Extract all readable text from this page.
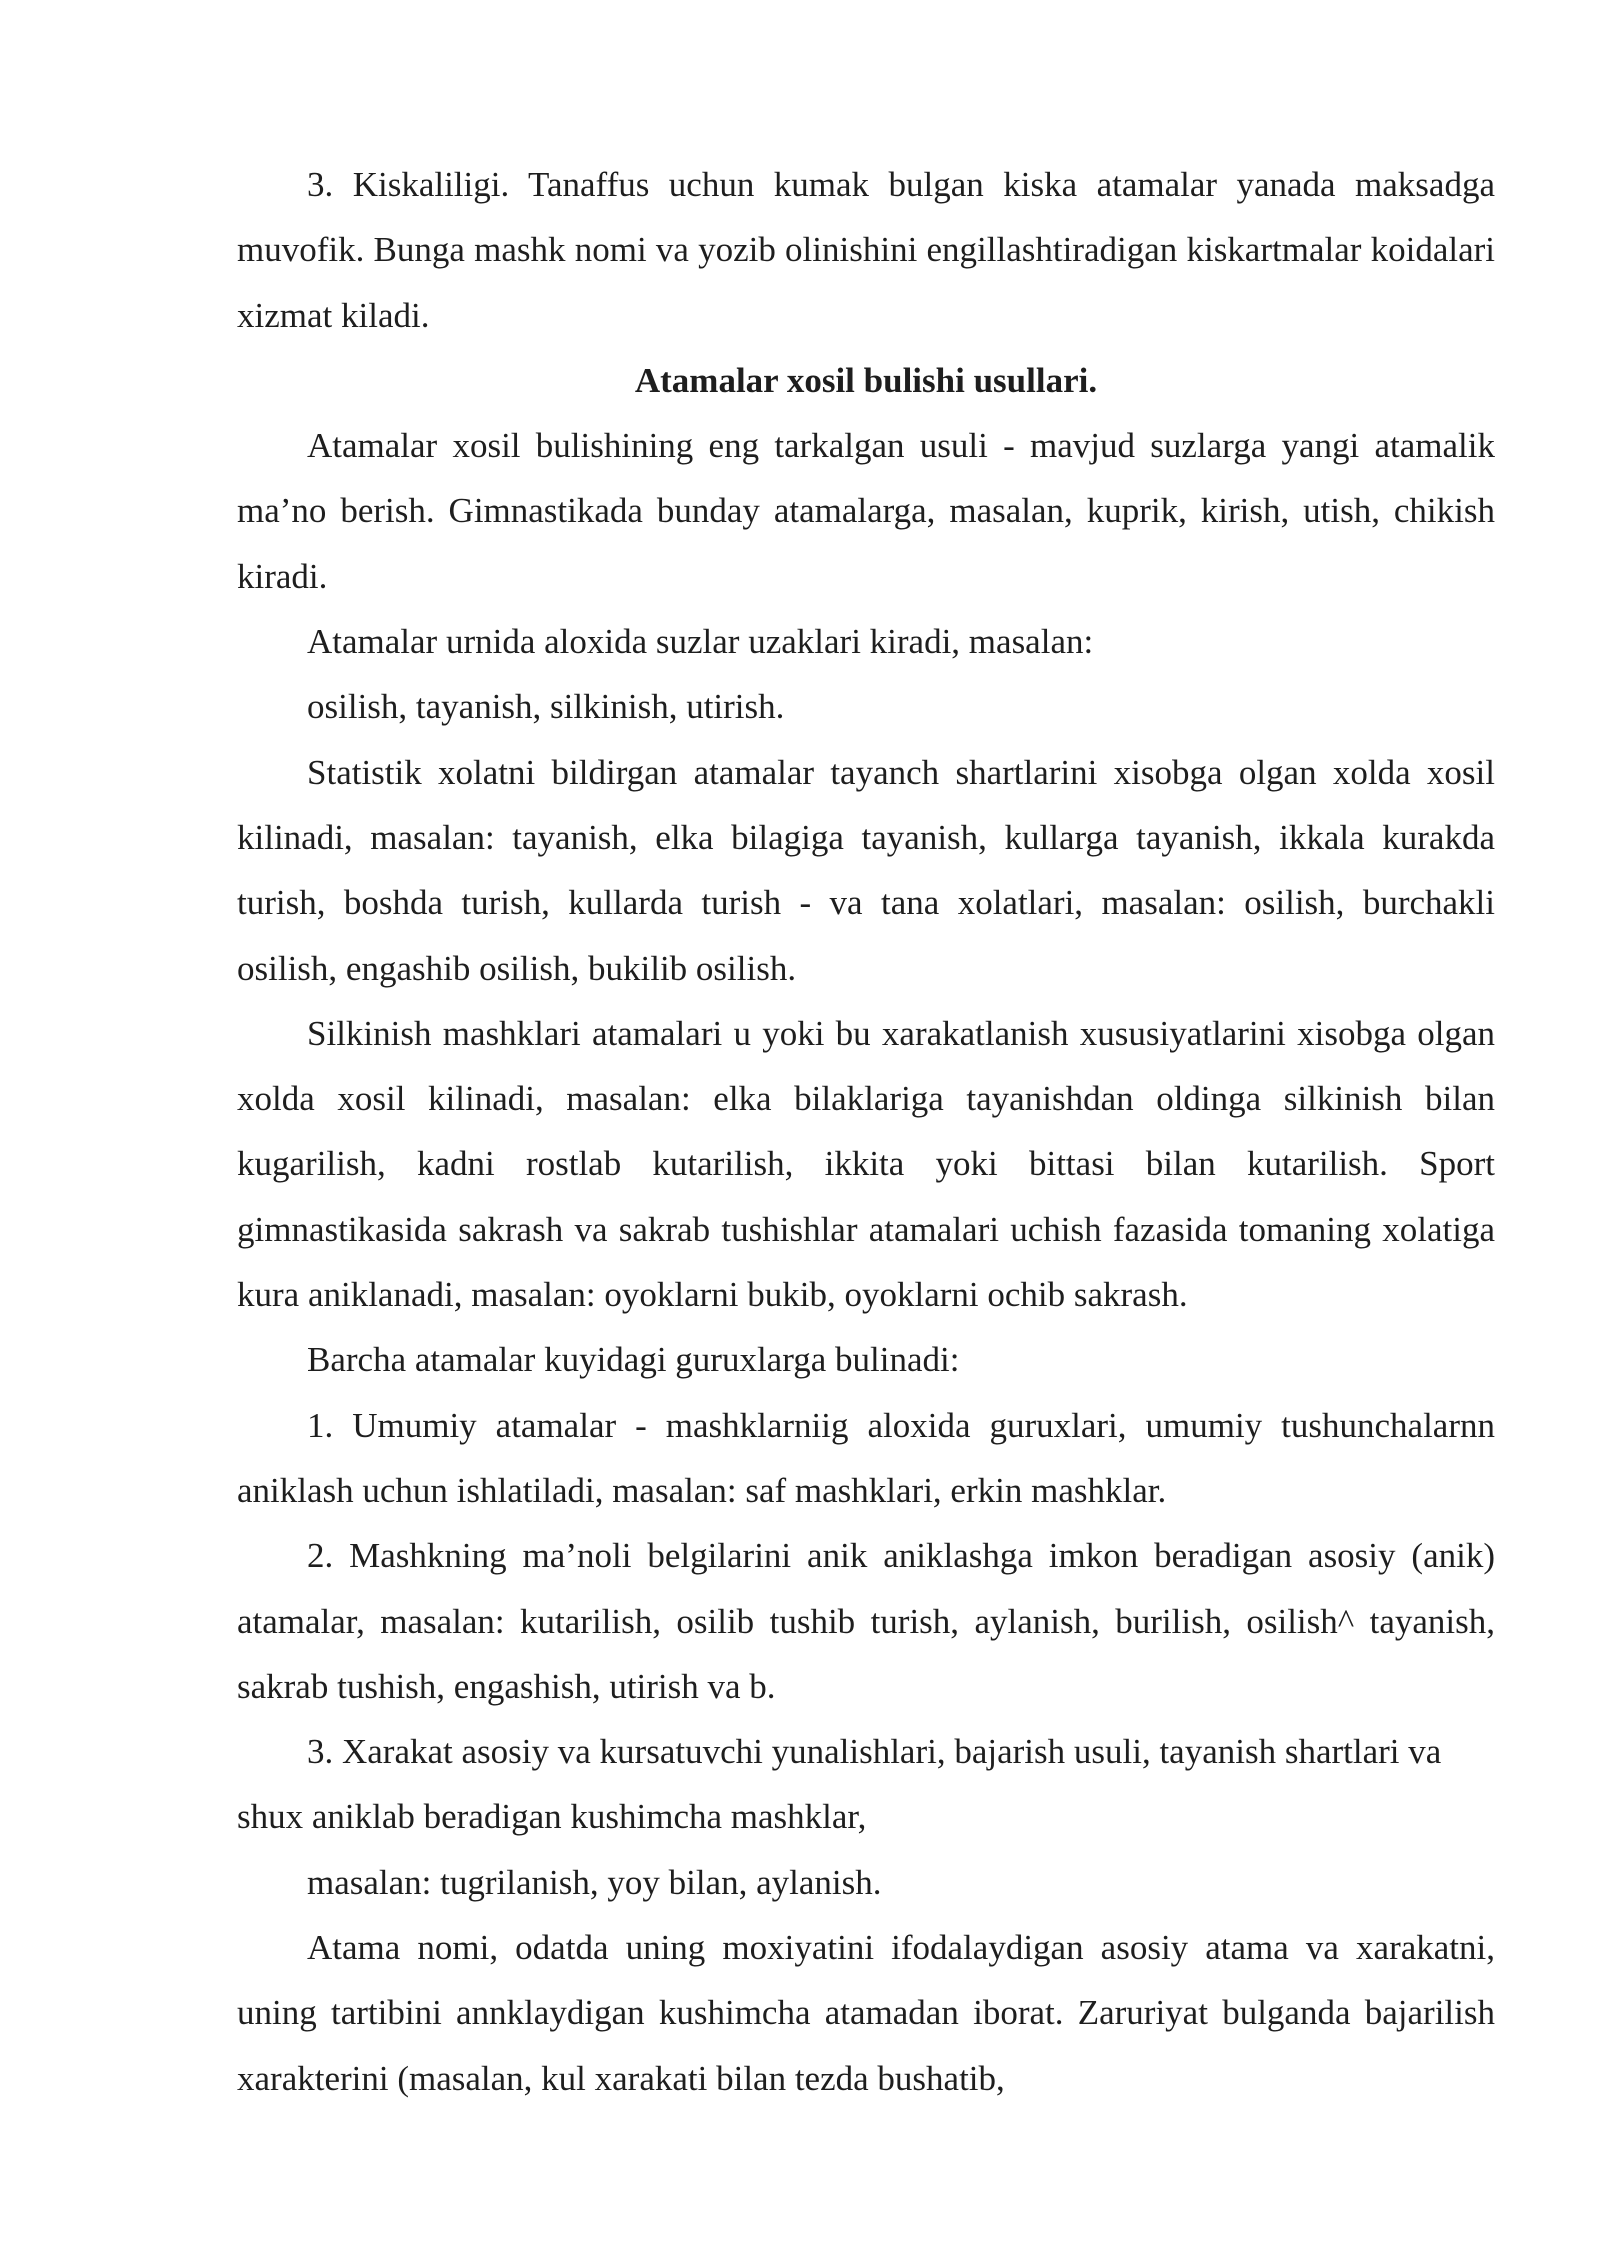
3. Kiskaliligi. Tanaffus uchun kumak bulgan kiska atamalar yanada maksadga muvofik. Bunga mashk nomi va yozib olinishini engillashtiradigan kiskartmalar koidalari xizmat kiladi.

Atamalar xosil bulishi usullari.

Atamalar xosil bulishining eng tarkalgan usuli - mavjud suzlarga yangi atamalik ma’no berish. Gimnastikada bunday atamalarga, masalan, kuprik, kirish, utish, chikish kiradi.

Atamalar urnida aloxida suzlar uzaklari kiradi, masalan:

osilish, tayanish, silkinish, utirish.

Statistik xolatni bildirgan atamalar tayanch shartlarini xisobga olgan xolda xosil kilinadi, masalan: tayanish, elka bilagiga tayanish, kullarga tayanish, ikkala kurakda turish, boshda turish, kullarda turish - va tana xolatlari, masalan: osilish, burchakli osilish, engashib osilish, bukilib osilish.

Silkinish mashklari atamalari u yoki bu xarakatlanish xususiyatlarini xisobga olgan xolda xosil kilinadi, masalan: elka bilaklariga tayanishdan oldinga silkinish bilan kugarilish, kadni rostlab kutarilish, ikkita yoki bittasi bilan kutarilish. Sport gimnastikasida sakrash va sakrab tushishlar atamalari uchish fazasida tomaning xolatiga kura aniklanadi, masalan: oyoklarni bukib, oyoklarni ochib sakrash.

Barcha atamalar kuyidagi guruxlarga bulinadi:

1. Umumiy atamalar - mashklarniig aloxida guruxlari, umumiy tushunchalarnn aniklash uchun ishlatiladi, masalan: saf mashklari, erkin mashklar.

2. Mashkning ma’noli belgilarini anik aniklashga imkon beradigan asosiy (anik) atamalar, masalan: kutarilish, osilib tushib turish, aylanish, burilish, osilish^ tayanish, sakrab tushish, engashish, utirish va b.

3. Xarakat asosiy va kursatuvchi yunalishlari, bajarish usuli, tayanish shartlari va shux aniklab beradigan kushimcha mashklar,

masalan: tugrilanish, yoy bilan, aylanish.

Atama nomi, odatda uning moxiyatini ifodalaydigan asosiy atama va xarakatni, uning tartibini annklaydigan kushimcha atamadan iborat. Zaruriyat bulganda bajarilish xarakterini (masalan, kul xarakati bilan tezda bushatib,
